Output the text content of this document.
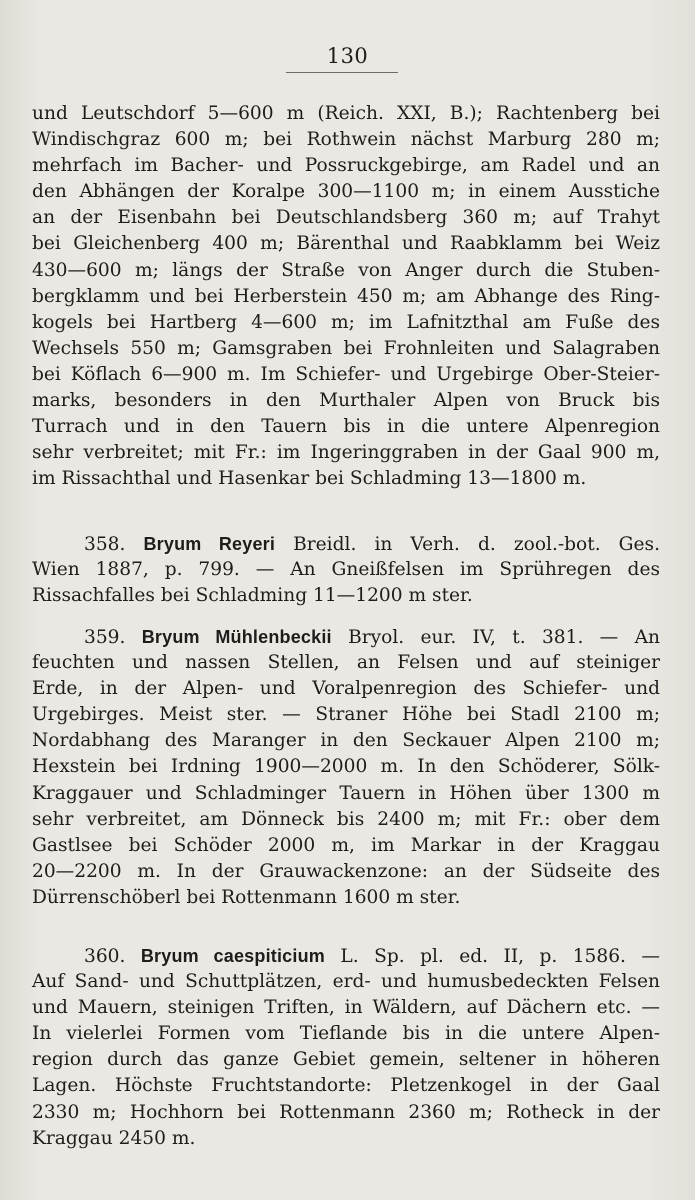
130
und Leutschdorf 5—600 m (Reich. XXI, B.); Rachtenberg bei
Windischgraz 600 m; bei Rothwein nächst Marburg 280 m;
mehrfach im Bacher- und Possruckgebirge, am Radel und an
den Abhängen der Koralpe 300—1100 m; in einem Ausstiche
an der Eisenbahn bei Deutschlandsberg 360 m; auf Trahyt
bei Gleichenberg 400 m; Bärenthal und Raabklamm bei Weiz
430—600 m; längs der Straße von Anger durch die Stuben-
bergklamm und bei Herberstein 450 m; am Abhange des Ring-
kogels bei Hartberg 4—600 m; im Lafnitzthal am Fuße des
Wechsels 550 m; Gamsgraben bei Frohnleiten und Salagraben
bei Köflach 6—900 m. Im Schiefer- und Urgebirge Ober-Steier-
marks, besonders in den Murthaler Alpen von Bruck bis
Turrach und in den Tauern bis in die untere Alpenregion
sehr verbreitet; mit Fr.: im Ingeringgraben in der Gaal 900 m,
im Rissachthal und Hasenkar bei Schladming 13—1800 m.
358. Bryum Reyeri Breidl. in Verh. d. zool.-bot. Ges.
Wien 1887, p. 799. — An Gneißfelsen im Sprühregen des
Rissachfalles bei Schladming 11—1200 m ster.
359. Bryum Mühlenbeckii Bryol. eur. IV, t. 381. — An
feuchten und nassen Stellen, an Felsen und auf steiniger
Erde, in der Alpen- und Voralpenregion des Schiefer- und
Urgebirges. Meist ster. — Straner Höhe bei Stadl 2100 m;
Nordabhang des Maranger in den Seckauer Alpen 2100 m;
Hexstein bei Irdning 1900—2000 m. In den Schöderer, Sölk-
Kraggauer und Schladminger Tauern in Höhen über 1300 m
sehr verbreitet, am Dönneck bis 2400 m; mit Fr.: ober dem
Gastlsee bei Schöder 2000 m, im Markar in der Kraggau
20—2200 m. In der Grauwackenzone: an der Südseite des
Dürrenschöberl bei Rottenmann 1600 m ster.
360. Bryum caespiticium L. Sp. pl. ed. II, p. 1586. —
Auf Sand- und Schuttplätzen, erd- und humusbedeckten Felsen
und Mauern, steinigen Triften, in Wäldern, auf Dächern etc. —
In vielerlei Formen vom Tieflande bis in die untere Alpen-
region durch das ganze Gebiet gemein, seltener in höheren
Lagen. Höchste Fruchtstandorte: Pletzenkogel in der Gaal
2330 m; Hochhorn bei Rottenmann 2360 m; Rotheck in der
Kraggau 2450 m.
